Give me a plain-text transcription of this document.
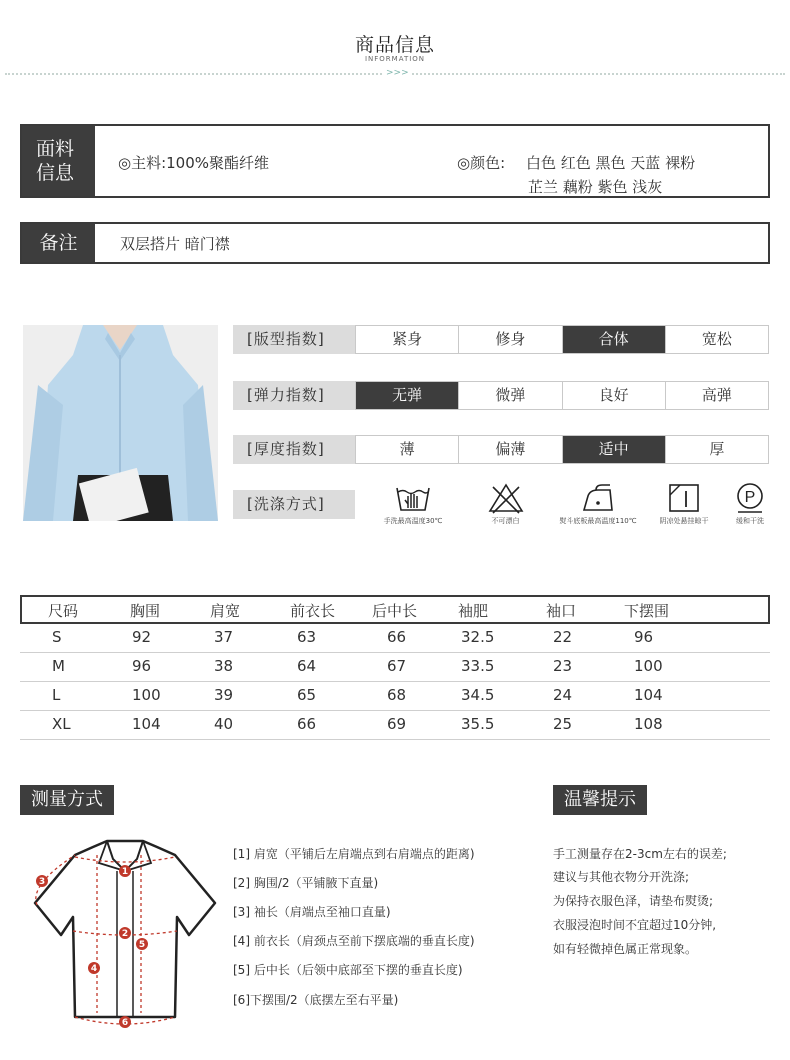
商品信息
INFORMATION
>>>
面料
信息	◎主料:100%聚酯纤维	◎颜色: 白色 红色 黑色 天蓝 裸粉
芷兰 藕粉 紫色 浅灰
备注	双层搭片 暗门襟
[版型指数]	紧身	修身	合体	宽松
[弹力指数]	无弹	微弹	良好	高弹
[厚度指数]	薄	偏薄	适中	厚
[洗涤方式]
手洗最高温度30℃	不可漂白	熨斗底板最高温度110℃	阴凉处悬挂晾干
P
缓和干洗
尺码	胸围	肩宽	前衣长 后中长	袖肥	袖口	下摆围
S	92	37	63	66	32.5	22	96
M	96	38	64	67	33.5	23	100
L	100	39	65	68	34.5	24	104
XL	104	40	66	69	35.5	25	108
测量方式	温馨提示
1
2
3
4
5
6
[1] 肩宽（平铺后左肩端点到右肩端点的距离)
[2] 胸围/2（平铺腋下直量)
[3] 袖长（肩端点至袖口直量)
[4] 前衣长（肩颈点至前下摆底端的垂直长度)
[5] 后中长（后领中底部至下摆的垂直长度)
[6]下摆围/2（底摆左至右平量)
手工测量存在2-3cm左右的误差;
建议与其他衣物分开洗涤;
为保持衣服色泽，请垫布熨烫;
衣服浸泡时间不宜超过10分钟,
如有轻微掉色属正常现象。
